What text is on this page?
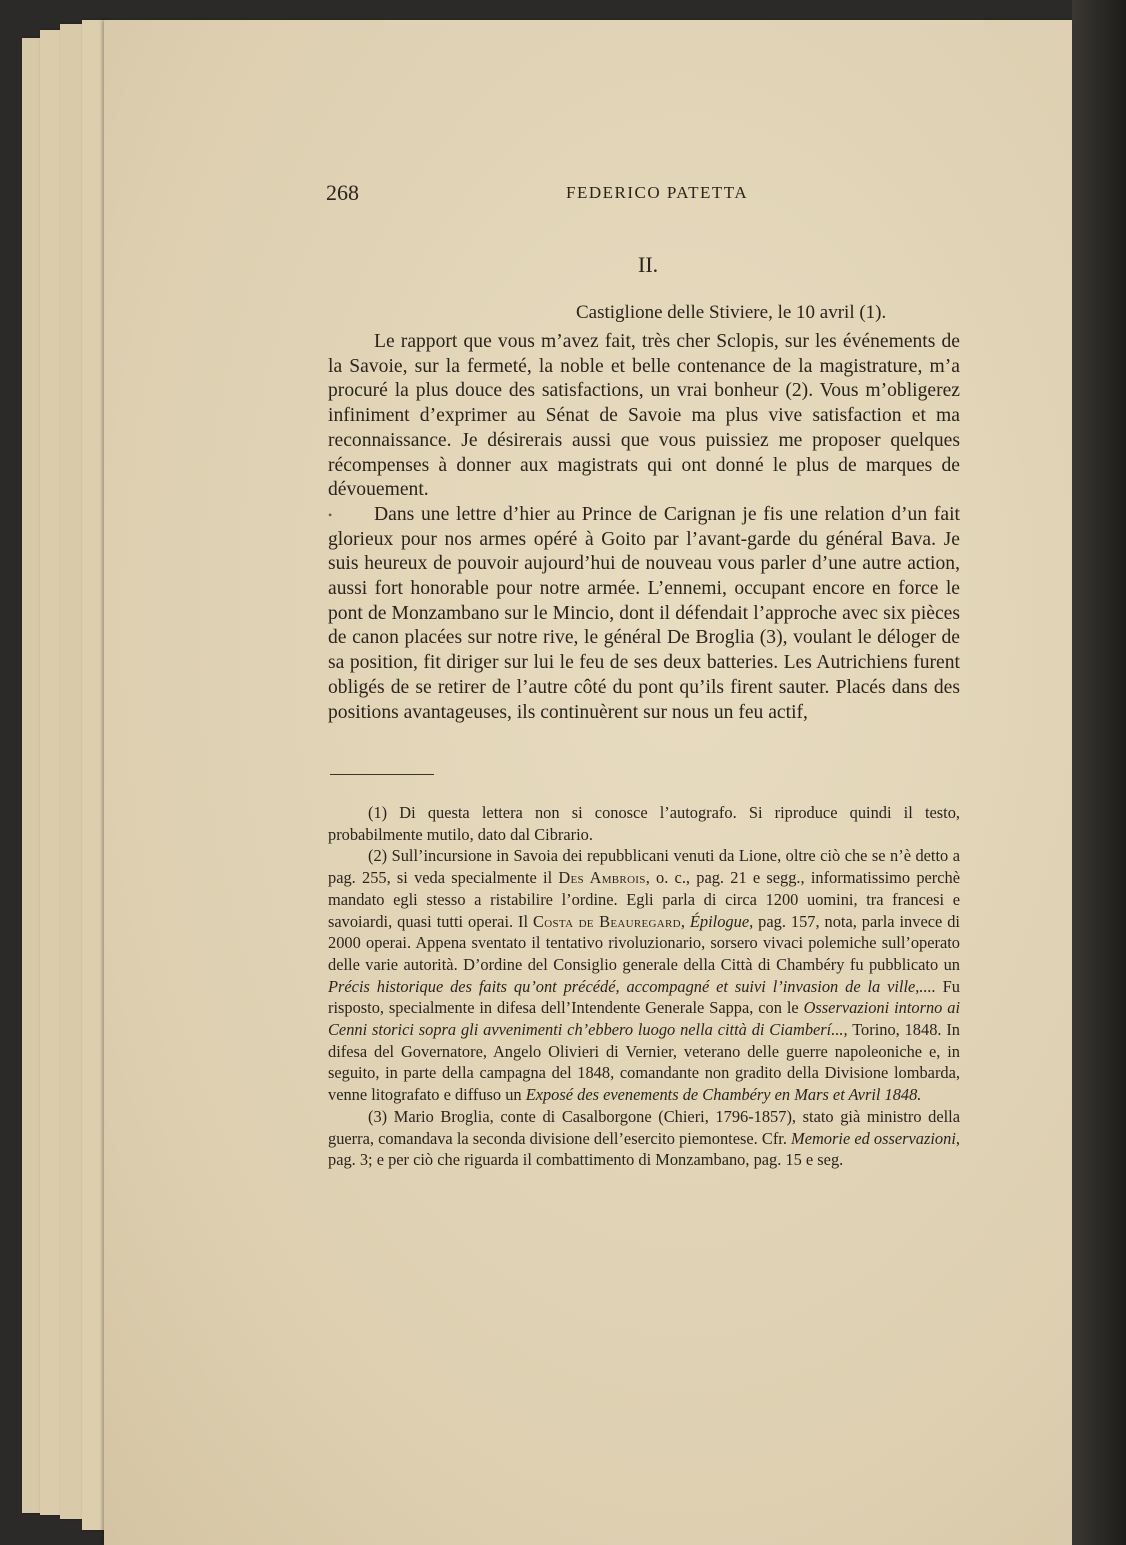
268	FEDERICO PATETTA
II.
Castiglione delle Stiviere, le 10 avril (1).

Le rapport que vous m’avez fait, très cher Sclopis, sur les événements de la Savoie, sur la fermeté, la noble et belle contenance de la magistrature, m’a procuré la plus douce des satisfactions, un vrai bonheur (2). Vous m’obligerez infiniment d’exprimer au Sénat de Savoie ma plus vive satisfaction et ma reconnaissance. Je désirerais aussi que vous puissiez me proposer quelques récompenses à donner aux magistrats qui ont donné le plus de marques de dévouement.

Dans une lettre d’hier au Prince de Carignan je fis une relation d’un fait glorieux pour nos armes opéré à Goito par l’avant-garde du général Bava. Je suis heureux de pouvoir aujourd’hui de nouveau vous parler d’une autre action, aussi fort honorable pour notre armée. L’ennemi, occupant encore en force le pont de Monzambano sur le Mincio, dont il défendait l’approche avec six pièces de canon placées sur notre rive, le général De Broglia (3), voulant le déloger de sa position, fit diriger sur lui le feu de ses deux batteries. Les Autrichiens furent obligés de se retirer de l’autre côté du pont qu’ils firent sauter. Placés dans des positions avantageuses, ils continuèrent sur nous un feu actif,

•

(1) Di questa lettera non si conosce l’autografo. Si riproduce quindi il testo, probabilmente mutilo, dato dal Cibrario.

(2) Sull’incursione in Savoia dei repubblicani venuti da Lione, oltre ciò che se n’è detto a pag. 255, si veda specialmente il Des Ambrois, o. c., pag. 21 e segg., informatissimo perchè mandato egli stesso a ristabilire l’ordine. Egli parla di circa 1200 uomini, tra francesi e savoiardi, quasi tutti operai. Il Costa de Beauregard, Épilogue, pag. 157, nota, parla invece di 2000 operai. Appena sventato il tentativo rivoluzionario, sorsero vivaci polemiche sull’operato delle varie autorità. D’ordine del Consiglio generale della Città di Chambéry fu pubblicato un Précis historique des faits qu’ont précédé, accompagné et suivi l’invasion de la ville,.... Fu risposto, specialmente in difesa dell’Intendente Generale Sappa, con le Osservazioni intorno ai Cenni storici sopra gli avvenimenti ch’ebbero luogo nella città di Ciamberí..., Torino, 1848. In difesa del Governatore, Angelo Olivieri di Vernier, veterano delle guerre napoleoniche e, in seguito, in parte della campagna del 1848, comandante non gradito della Divisione lombarda, venne litografato e diffuso un Exposé des evenements de Chambéry en Mars et Avril 1848.

(3) Mario Broglia, conte di Casalborgone (Chieri, 1796-1857), stato già ministro della guerra, comandava la seconda divisione dell’esercito piemontese. Cfr. Memorie ed osservazioni, pag. 3; e per ciò che riguarda il combattimento di Monzambano, pag. 15 e seg.
